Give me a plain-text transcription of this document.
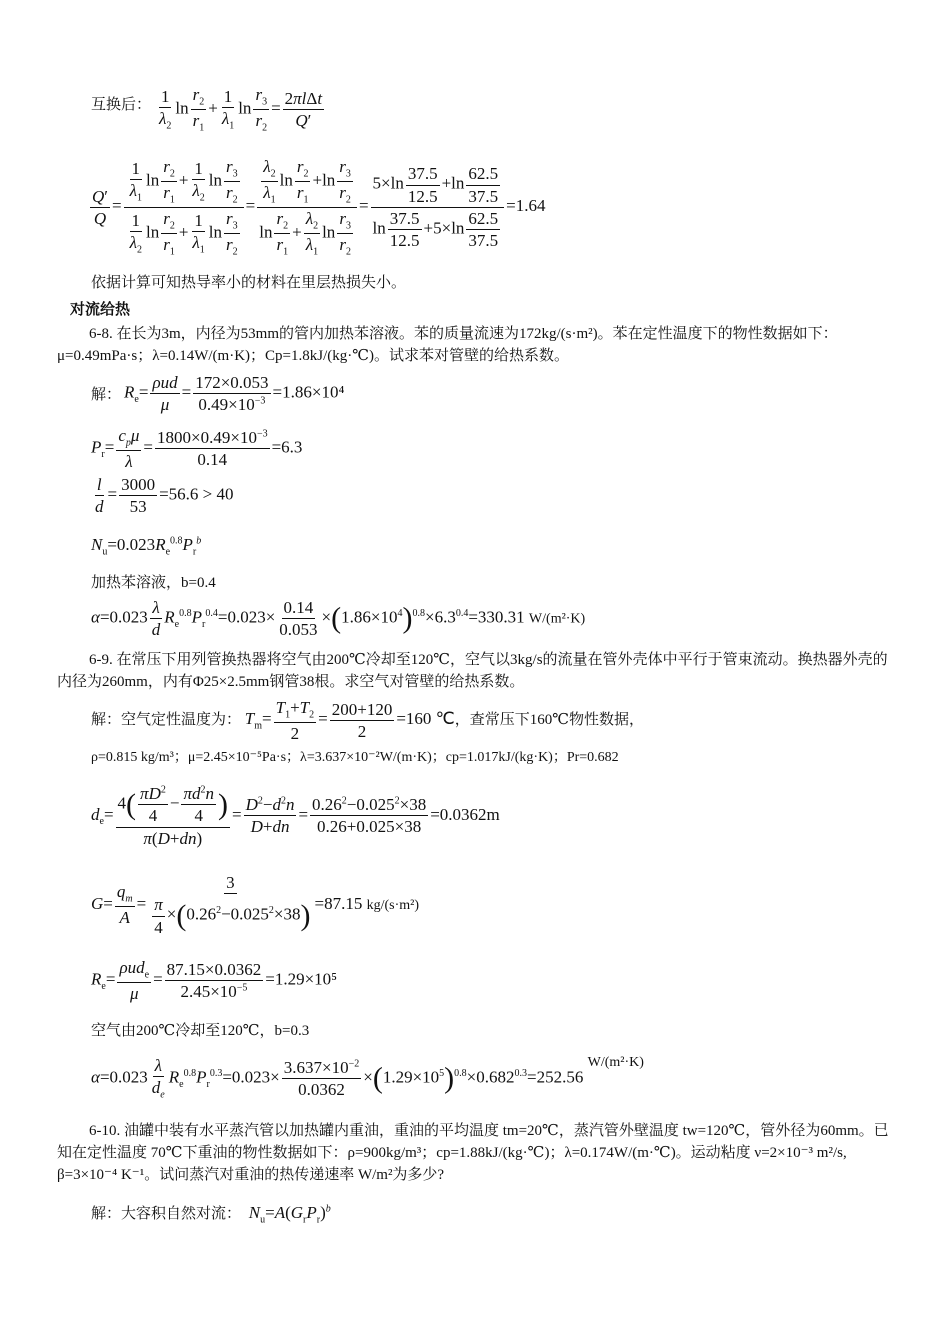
互换后： $\frac{1}{\lambda_2}$ $\ln \frac{r_2}{r_1} + \frac{1}{\lambda_1}$ $\ln \frac{r_3}{r_2} = \frac{\text{2πlΔt}}{Q'}$
$\frac{Q'}{Q} = \frac{\frac{1}{\lambda_1} \ln \frac{r_2}{r_1} + \frac{1}{\lambda_2} \ln \frac{r_3}{r_2}}{\frac{1}{\lambda_2} \ln \frac{r_2}{r_1} + \frac{1}{\lambda_1} \ln \frac{r_3}{r_2}} = \frac{\frac{\lambda_2}{\lambda_1} \ln \frac{r_2}{r_1} +\ln \frac{r_3}{r_2}}{\ln \frac{r_2}{r_1} + \frac{\lambda_2}{\lambda_1} \ln \frac{r_3}{r_2}} = \frac{5\times\ln \frac{37.5}{12.5} +\ln \frac{62.5}{37.5}}{\ln \frac{37.5}{12.5} +5\times\ln \frac{62.5}{37.5}} =1.64$
依据计算可知热导率小的材料在里层热损失小。
对流给热
6-8. 在长为3m，内径为53mm的管内加热苯溶液。苯的质量流速为172kg/(s·m²)。苯在定性温度下的物性数据如下：μ=0.49mPa·s；λ=0.14W/(m·K)；Cp=1.8kJ/(kg·℃)。试求苯对管壁的给热系数。
解： $R_e= \frac{\text{ρud}}{\mu} = \frac{172\times 0.053}{0.49\times 10^{-3}} =1.86\times 10^4$
$P_r= \frac{c_p\mu}{\lambda} = \frac{1800\times 0.49\times 10^{-3}}{0.14} =6.3$
$\frac{l}{d} = \frac{3000}{53} =56.6 > 40$
$N_u=0.023R_e^{0.8}P_r^b$
加热苯溶液，b=0.4
$\alpha=0.023 \frac{\lambda}{d} R_e^{0.8}P_r^{0.4}=0.023\times \frac{0.14}{0.053} \times(1.86\times 10^4)^{0.8}\times 6.3^{0.4}=330.31$ W/(m²·K)
6-9. 在常压下用列管换热器将空气由200℃冷却至120℃，空气以3kg/s的流量在管外壳体中平行于管束流动。换热器外壳的内径为260mm，内有Φ25×2.5mm钢管38根。求空气对管壁的给热系数。
解：空气定性温度为： $T_m= \frac{T_1+T_2}{2} = \frac{200+120}{2} =160$ ℃，查常压下160℃物性数据，
ρ=0.815 kg/m³；μ=2.45×10⁻⁵Pa·s；λ=3.637×10⁻²W/(m·K)；cp=1.017kJ/(kg·K)；Pr=0.682
$d_e= \frac{4( \frac{\pi D^2}{4} - \frac{\pi d^2n}{4} )}{\pi(D+dn)} = \frac{D^2-d^2n}{D+dn} = \frac{0.26^2-0.025^2\times 38}{0.26+0.025\times 38} =0.0362m$
$G= \frac{q_m}{A} = \frac{3}{\frac{\pi}{4} \times(0.26^2-0.025^2\times 38)} =87.15$ kg/(s·m²)
$R_e= \frac{\rho ud_e}{\mu} = \frac{87.15\times 0.0362}{2.45\times 10^{-5}} =1.29\times 10^5$
空气由200℃冷却至120℃，b=0.3
$\alpha=0.023 \frac{\lambda}{d_e} R_e^{0.8}P_r^{0.3}=0.023\times \frac{3.637\times 10^{-2}}{0.0362} \times(1.29\times 10^5)^{0.8}\times 0.682^{0.3}=252.56$ $^{W/(m^2\cdot K)}$
6-10. 油罐中装有水平蒸汽管以加热罐内重油，重油的平均温度 tm=20℃，蒸汽管外壁温度 tw=120℃，管外径为60mm。已知在定性温度 70℃下重油的物性数据如下：ρ=900kg/m³；cp=1.88kJ/(kg·℃)；λ=0.174W/(m·℃)。运动粘度 ν=2×10⁻³ m²/s, β=3×10⁻⁴ K⁻¹。试问蒸汽对重油的热传递速率 W/m²为多少?
解：大容积自然对流： $N_u=A(G_rP_r)^b$
